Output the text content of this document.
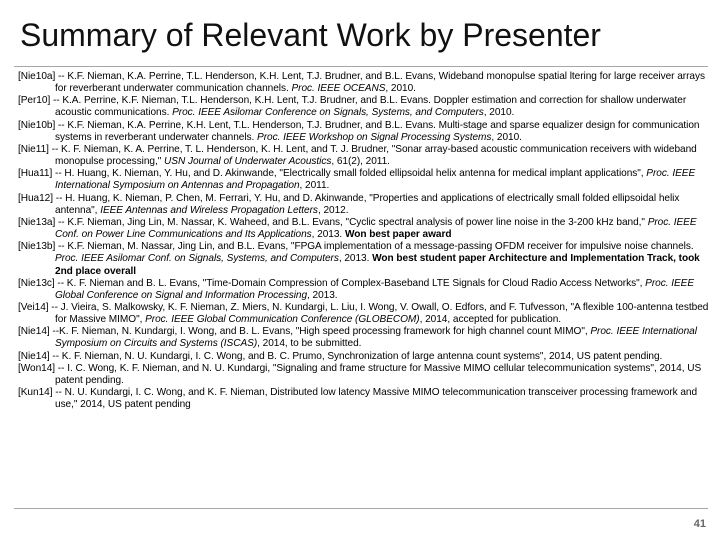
Summary of Relevant Work by Presenter
[Nie10a] -- K.F. Nieman, K.A. Perrine, T.L. Henderson, K.H. Lent, T.J. Brudner, and B.L. Evans, Wideband monopulse spatial ltering for large receiver arrays for reverberant underwater communication channels. Proc. IEEE OCEANS, 2010.
[Per10] -- K.A. Perrine, K.F. Nieman, T.L. Henderson, K.H. Lent, T.J. Brudner, and B.L. Evans. Doppler estimation and correction for shallow underwater acoustic communications. Proc. IEEE Asilomar Conference on Signals, Systems, and Computers, 2010.
[Nie10b] -- K.F. Nieman, K.A. Perrine, K.H. Lent, T.L. Henderson, T.J. Brudner, and B.L. Evans. Multi-stage and sparse equalizer design for communication systems in reverberant underwater channels. Proc. IEEE Workshop on Signal Processing Systems, 2010.
[Nie11] -- K. F. Nieman, K. A. Perrine, T. L. Henderson, K. H. Lent, and T. J. Brudner, "Sonar array-based acoustic communication receivers with wideband monopulse processing," USN Journal of Underwater Acoustics, 61(2), 2011.
[Hua11] -- H. Huang, K. Nieman, Y. Hu, and D. Akinwande, "Electrically small folded ellipsoidal helix antenna for medical implant applications", Proc. IEEE International Symposium on Antennas and Propagation, 2011.
[Hua12] -- H. Huang, K. Nieman, P. Chen, M. Ferrari, Y. Hu, and D. Akinwande, "Properties and applications of electrically small folded ellipsoidal helix antenna", IEEE Antennas and Wireless Propagation Letters, 2012.
[Nie13a] -- K.F. Nieman, Jing Lin, M. Nassar, K. Waheed, and B.L. Evans, "Cyclic spectral analysis of power line noise in the 3-200 kHz band," Proc. IEEE Conf. on Power Line Communications and Its Applications, 2013. Won best paper award
[Nie13b] -- K.F. Nieman, M. Nassar, Jing Lin, and B.L. Evans, "FPGA implementation of a message-passing OFDM receiver for impulsive noise channels. Proc. IEEE Asilomar Conf. on Signals, Systems, and Computers, 2013. Won best student paper Architecture and Implementation Track, took 2nd place overall
[Nie13c] -- K. F. Nieman and B. L. Evans, "Time-Domain Compression of Complex-Baseband LTE Signals for Cloud Radio Access Networks", Proc. IEEE Global Conference on Signal and Information Processing, 2013.
[Vei14] -- J. Vieira, S. Malkowsky, K. F. Nieman, Z. Miers, N. Kundargi, L. Liu, I. Wong, V. Owall, O. Edfors, and F. Tufvesson, "A flexible 100-antenna testbed for Massive MIMO", Proc. IEEE Global Communication Conference (GLOBECOM), 2014, accepted for publication.
[Nie14] --K. F. Nieman, N. Kundargi, I. Wong, and B. L. Evans, "High speed processing framework for high channel count MIMO", Proc. IEEE International Symposium on Circuits and Systems (ISCAS), 2014, to be submitted.
[Nie14] -- K. F. Nieman, N. U. Kundargi, I. C. Wong, and B. C. Prumo, Synchronization of large antenna count systems", 2014, US patent pending.
[Won14] -- I. C. Wong, K. F. Nieman, and N. U. Kundargi, "Signaling and frame structure for Massive MIMO cellular telecommunication systems", 2014, US patent pending.
[Kun14] -- N. U. Kundargi, I. C. Wong, and K. F. Nieman, Distributed low latency Massive MIMO telecommunication transceiver processing framework and use," 2014, US patent pending
41
